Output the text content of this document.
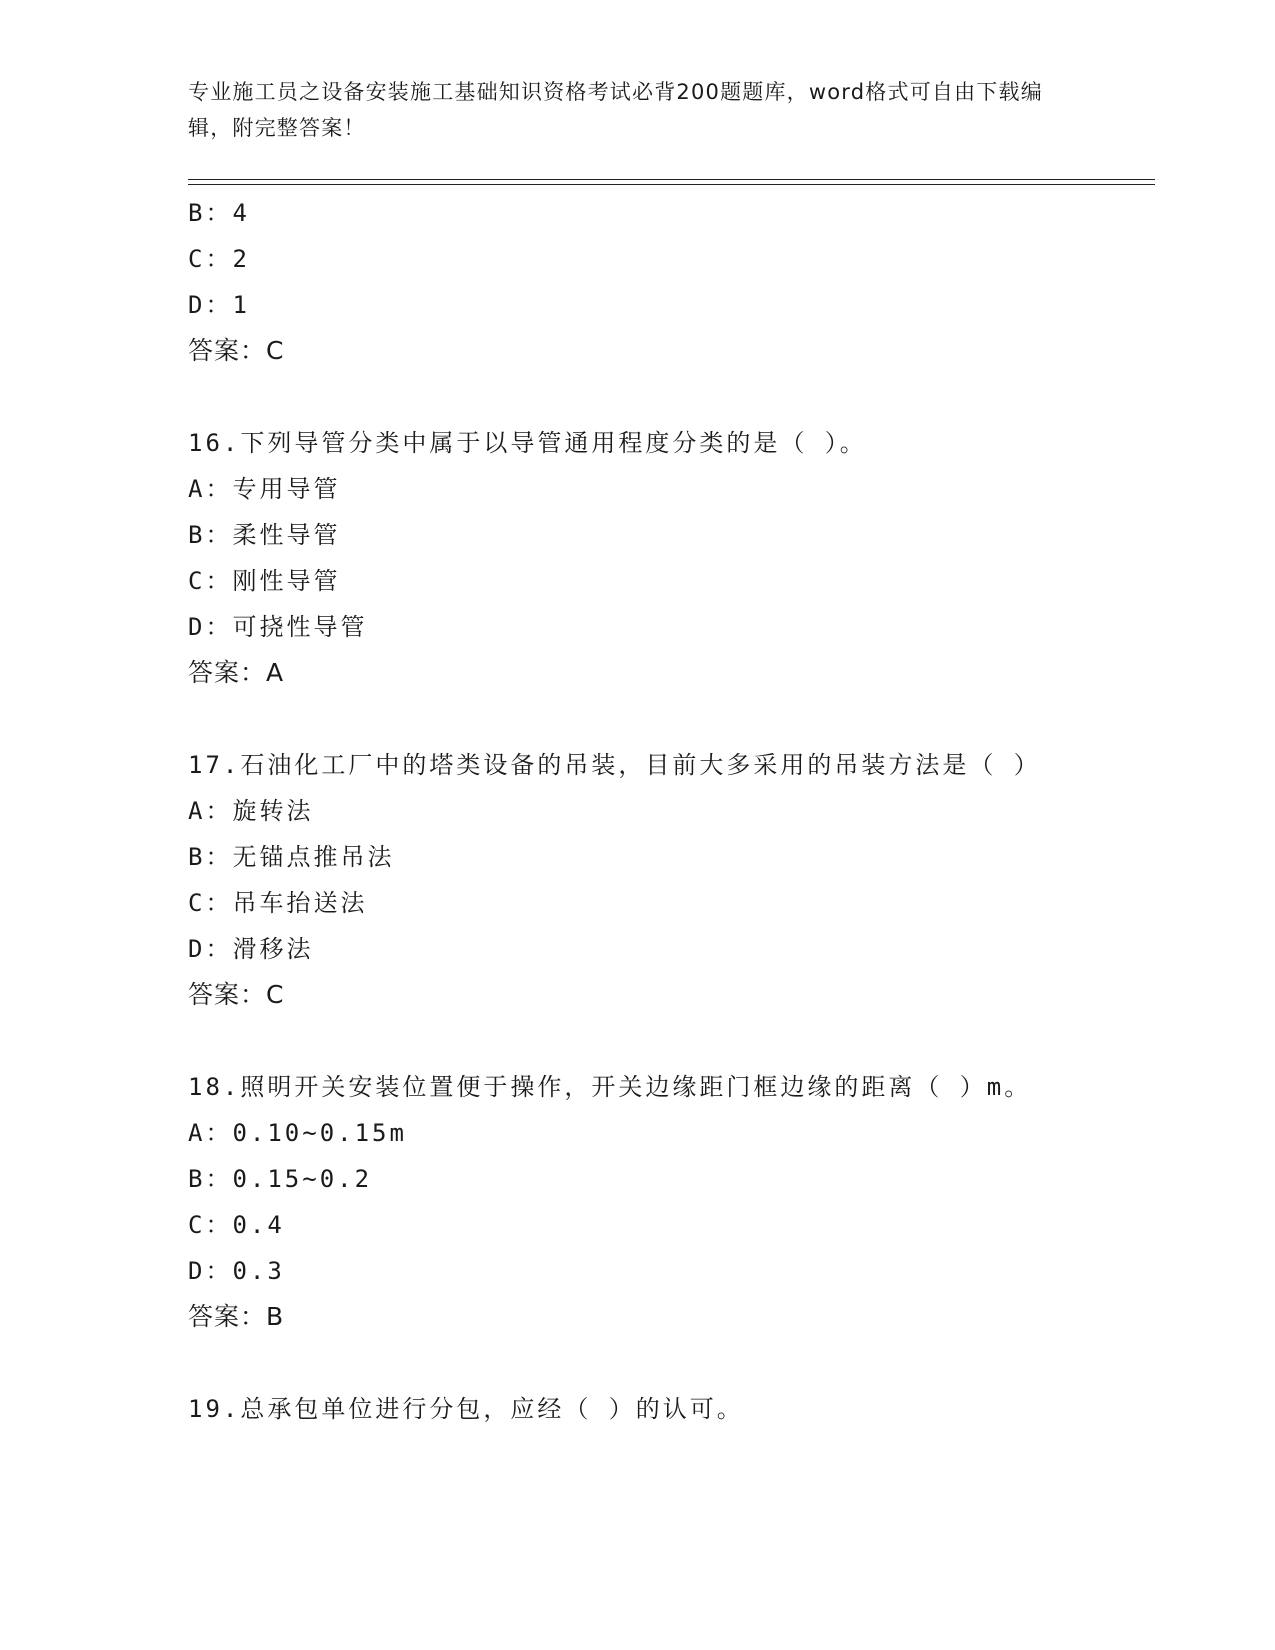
专业施工员之设备安装施工基础知识资格考试必背200题题库，word格式可自由下载编辑，附完整答案！
B：4
C：2
D：1
答案：C
16.下列导管分类中属于以导管通用程度分类的是（ ）。
A：专用导管
B：柔性导管
C：刚性导管
D：可挠性导管
答案：A
17.石油化工厂中的塔类设备的吊装，目前大多采用的吊装方法是（ ）
A：旋转法
B：无锚点推吊法
C：吊车抬送法
D：滑移法
答案：C
18.照明开关安装位置便于操作，开关边缘距门框边缘的距离（ ）m。
A：0.10~0.15m
B：0.15~0.2
C：0.4
D：0.3
答案：B
19.总承包单位进行分包，应经（ ）的认可。
